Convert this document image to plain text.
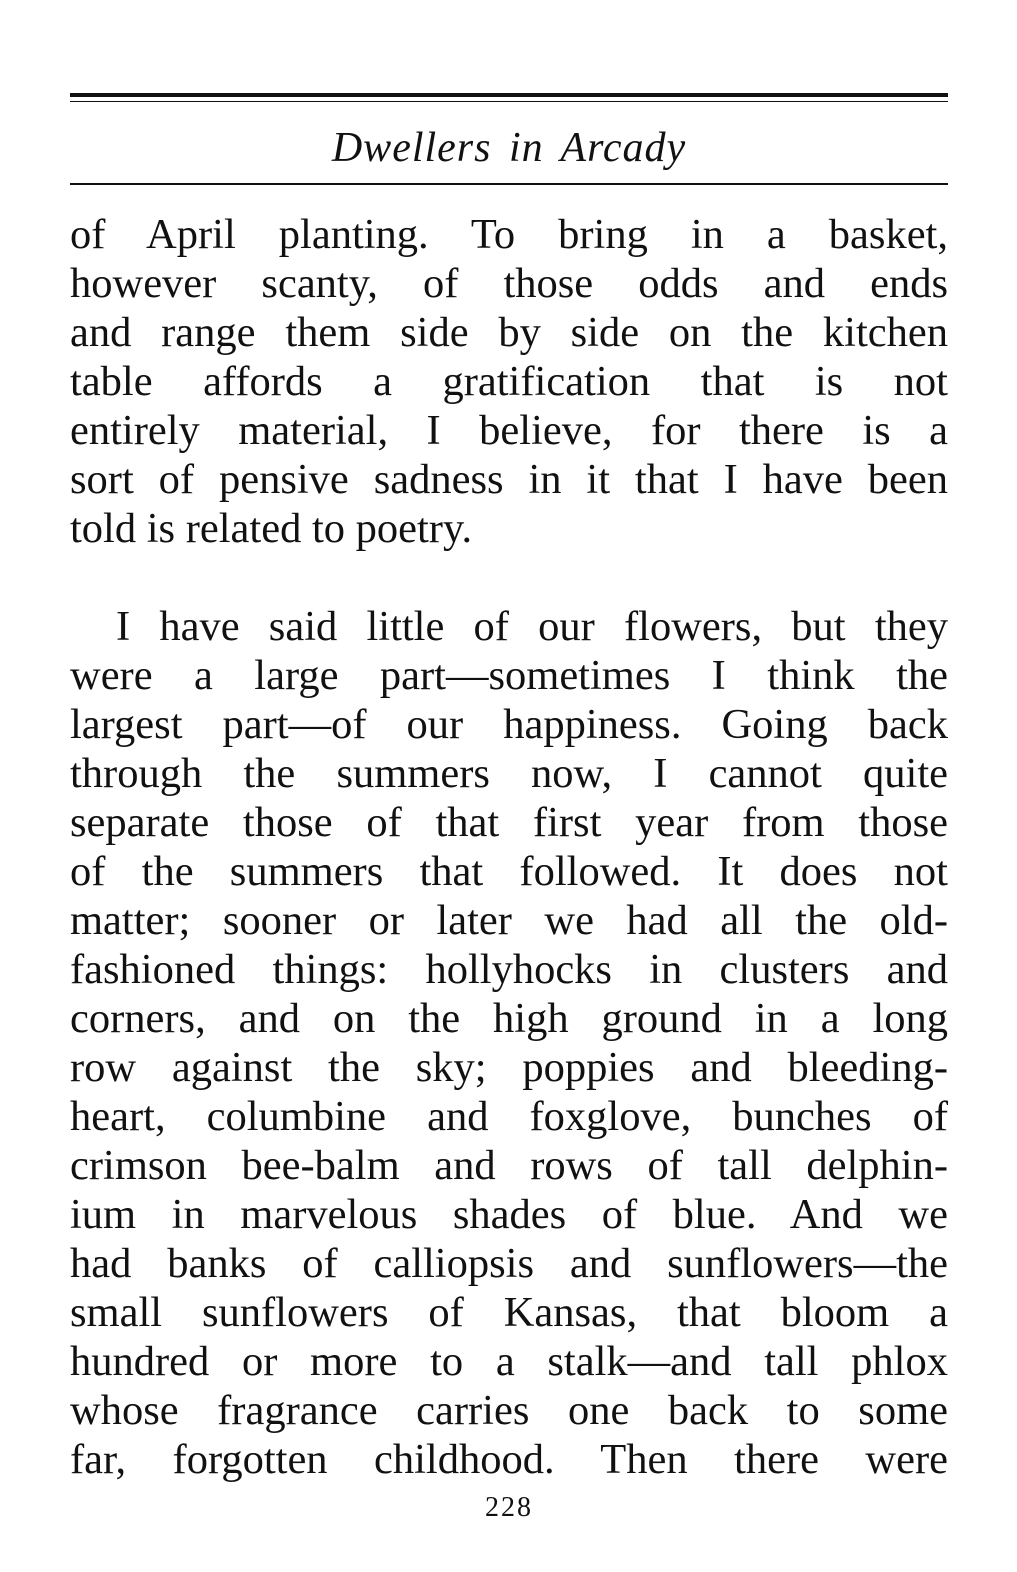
Dwellers in Arcady
of April planting. To bring in a basket,
however scanty, of those odds and ends
and range them side by side on the kitchen
table affords a gratification that is not
entirely material, I believe, for there is a
sort of pensive sadness in it that I have been
told is related to poetry.
I have said little of our flowers, but they
were a large part—sometimes I think the
largest part—of our happiness. Going back
through the summers now, I cannot quite
separate those of that first year from those
of the summers that followed. It does not
matter; sooner or later we had all the old-
fashioned things: hollyhocks in clusters and
corners, and on the high ground in a long
row against the sky; poppies and bleeding-
heart, columbine and foxglove, bunches of
crimson bee-balm and rows of tall delphin-
ium in marvelous shades of blue. And we
had banks of calliopsis and sunflowers—the
small sunflowers of Kansas, that bloom a
hundred or more to a stalk—and tall phlox
whose fragrance carries one back to some
far, forgotten childhood. Then there were
228
